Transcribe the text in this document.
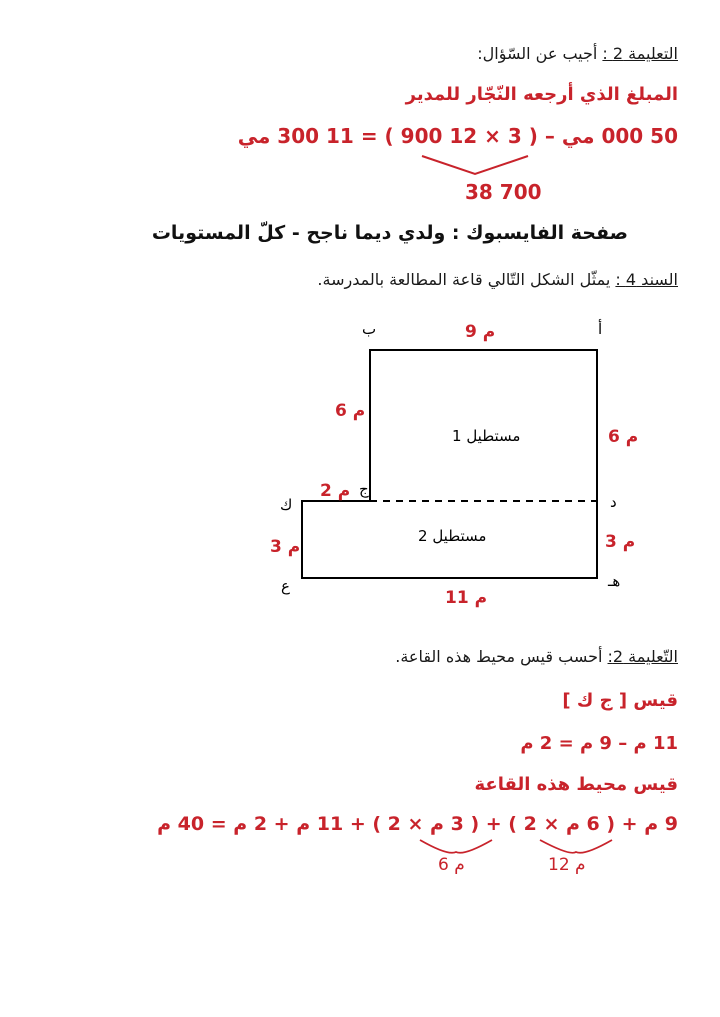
التعليمة 2 : أجيب عن السّؤال:
المبلغ الذي أرجعه النّجّار للمدير
50 000 مي – ( 3 × 12 900 ) = 11 300 مي
38 700
صفحة الفايسبوك : ولدي ديما ناجح - كلّ المستويات
السند 4 : يمثّل الشكل التّالي قاعة المطالعة بالمدرسة.
أ
ب
ك	د
ع	هـ
ج
9 م
6 م
6 م
2 م
3 م	3 م
11 م
مستطيل 1
مستطيل 2
التّعليمة 2: أحسب قيس محيط هذه القاعة.
قيس [ ج ك ]
11 م – 9 م = 2 م
قيس محيط هذه القاعة
9 م + ( 6 م × 2 ) + ( 3 م × 2 ) + 11 م + 2 م = 40 م
12 م
6 م
